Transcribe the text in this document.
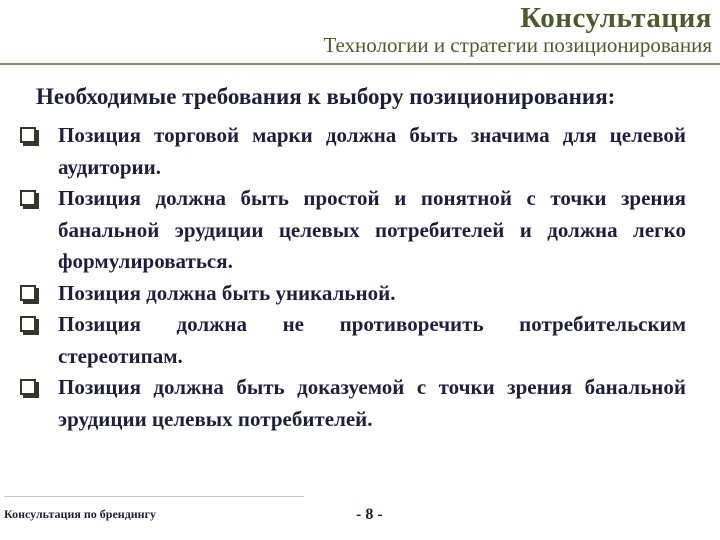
Консультация
Технологии и стратегии позиционирования
Необходимые требования к выбору позиционирования:
Позиция торговой марки должна быть значима для целевой аудитории.
Позиция должна быть простой и понятной с точки зрения банальной эрудиции целевых потребителей и должна легко формулироваться.
Позиция должна быть уникальной.
Позиция должна не противоречить потребительским стереотипам.
Позиция должна быть доказуемой с точки зрения банальной эрудиции целевых потребителей.
Консультация по брендингу	- 8 -
